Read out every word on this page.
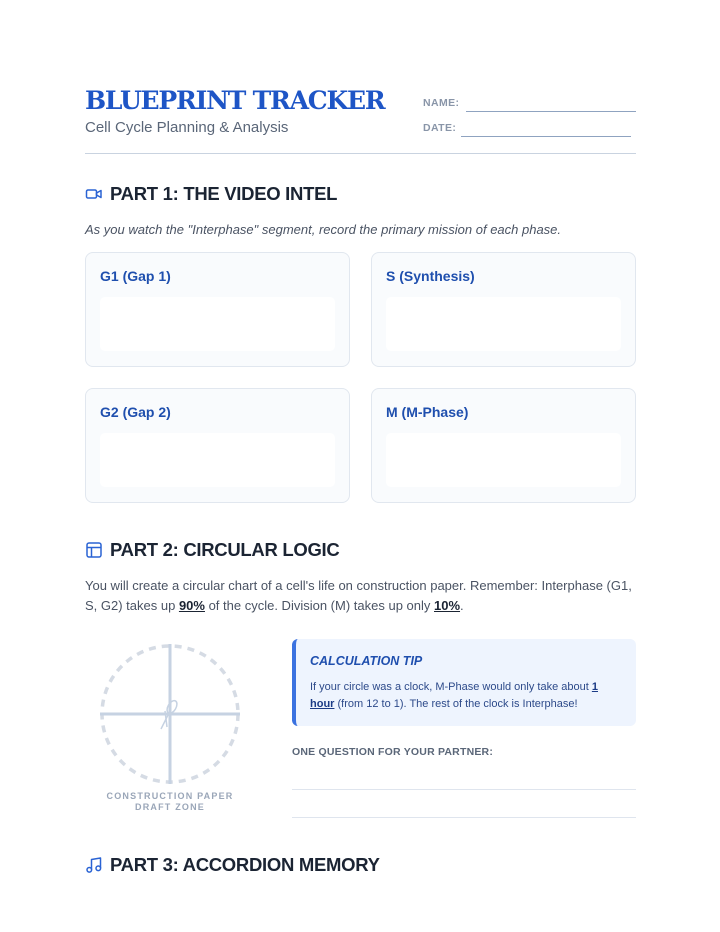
BLUEPRINT TRACKER
Cell Cycle Planning & Analysis
NAME:
DATE:
PART 1: THE VIDEO INTEL
As you watch the "Interphase" segment, record the primary mission of each phase.
G1 (Gap 1)	S (Synthesis)
G2 (Gap 2)	M (M-Phase)
PART 2: CIRCULAR LOGIC
You will create a circular chart of a cell's life on construction paper. Remember: Interphase (G1, S, G2) takes up 90% of the cycle. Division (M) takes up only 10%.
CONSTRUCTION PAPER
DRAFT ZONE
CALCULATION TIP
If your circle was a clock, M-Phase would only take about 1 hour (from 12 to 1). The rest of the clock is Interphase!
ONE QUESTION FOR YOUR PARTNER:
PART 3: ACCORDION MEMORY
